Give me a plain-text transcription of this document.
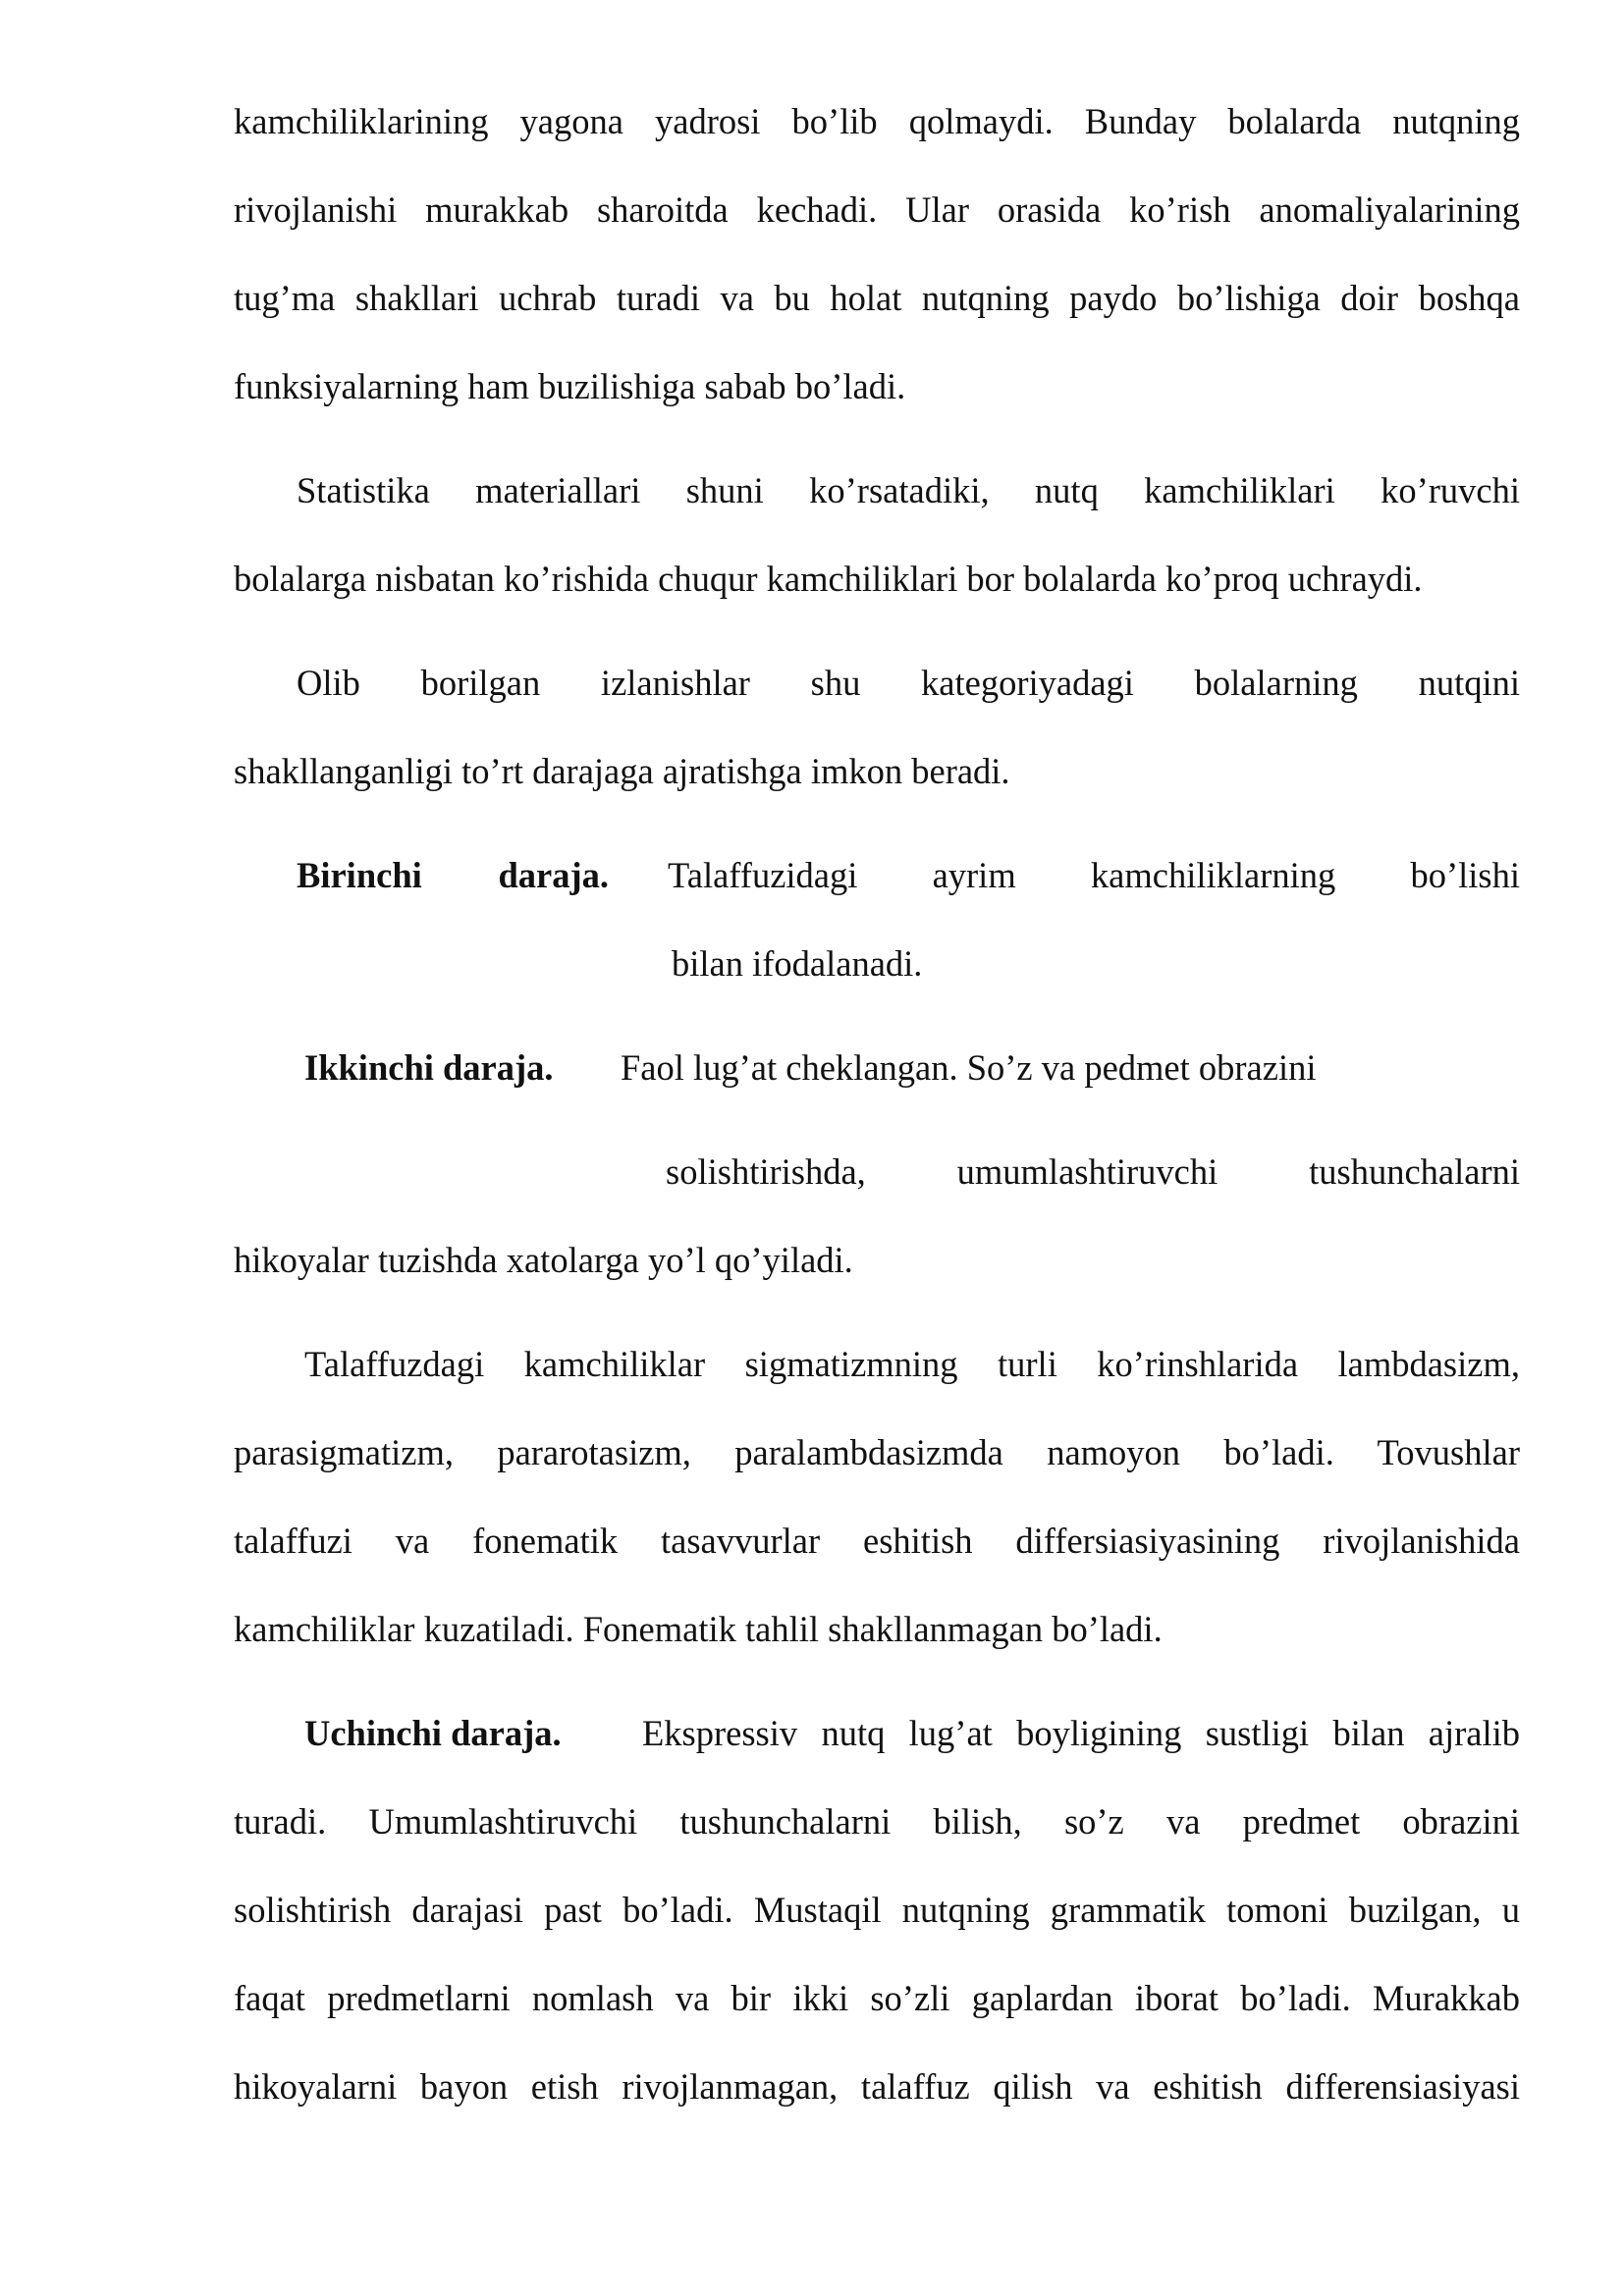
kamchiliklarining yagona yadrosi bo’lib qolmaydi. Bunday bolalarda nutqning
rivojlanishi murakkab sharoitda kechadi. Ular orasida ko’rish anomaliyalarining
tug’ma shakllari uchrab turadi va bu holat nutqning paydo bo’lishiga doir boshqa
funksiyalarning ham buzilishiga sabab bo’ladi.
Statistika materiallari shuni ko’rsatadiki, nutq kamchiliklari ko’ruvchi
bolalarga nisbatan ko’rishida chuqur kamchiliklari bor bolalarda ko’proq uchraydi.
Olib borilgan izlanishlar shu kategoriyadagi bolalarning nutqini
shakllanganligi to’rt darajaga ajratishga imkon beradi.
Birinchi daraja. Talaffuzidagi ayrim kamchiliklarning bo’lishi
bilan ifodalanadi.
Ikkinchi daraja. Faol lug’at cheklangan. So’z va pedmet obrazini
solishtirishda, umumlashtiruvchi tushunchalarni
hikoyalar tuzishda xatolarga yo’l qo’yiladi.
Talaffuzdagi kamchiliklar sigmatizmning turli ko’rinshlarida lambdasizm,
parasigmatizm, pararotasizm, paralambdasizmda namoyon bo’ladi. Tovushlar
talaffuzi va fonematik tasavvurlar eshitish differsiasiyasining rivojlanishida
kamchiliklar kuzatiladi. Fonematik tahlil shakllanmagan bo’ladi.
Uchinchi daraja. Ekspressiv nutq lug’at boyligining sustligi bilan ajralib
turadi. Umumlashtiruvchi tushunchalarni bilish, so’z va predmet obrazini
solishtirish darajasi past bo’ladi. Mustaqil nutqning grammatik tomoni buzilgan, u
faqat predmetlarni nomlash va bir ikki so’zli gaplardan iborat bo’ladi. Murakkab
hikoyalarni bayon etish rivojlanmagan, talaffuz qilish va eshitish differensiasiyasi
